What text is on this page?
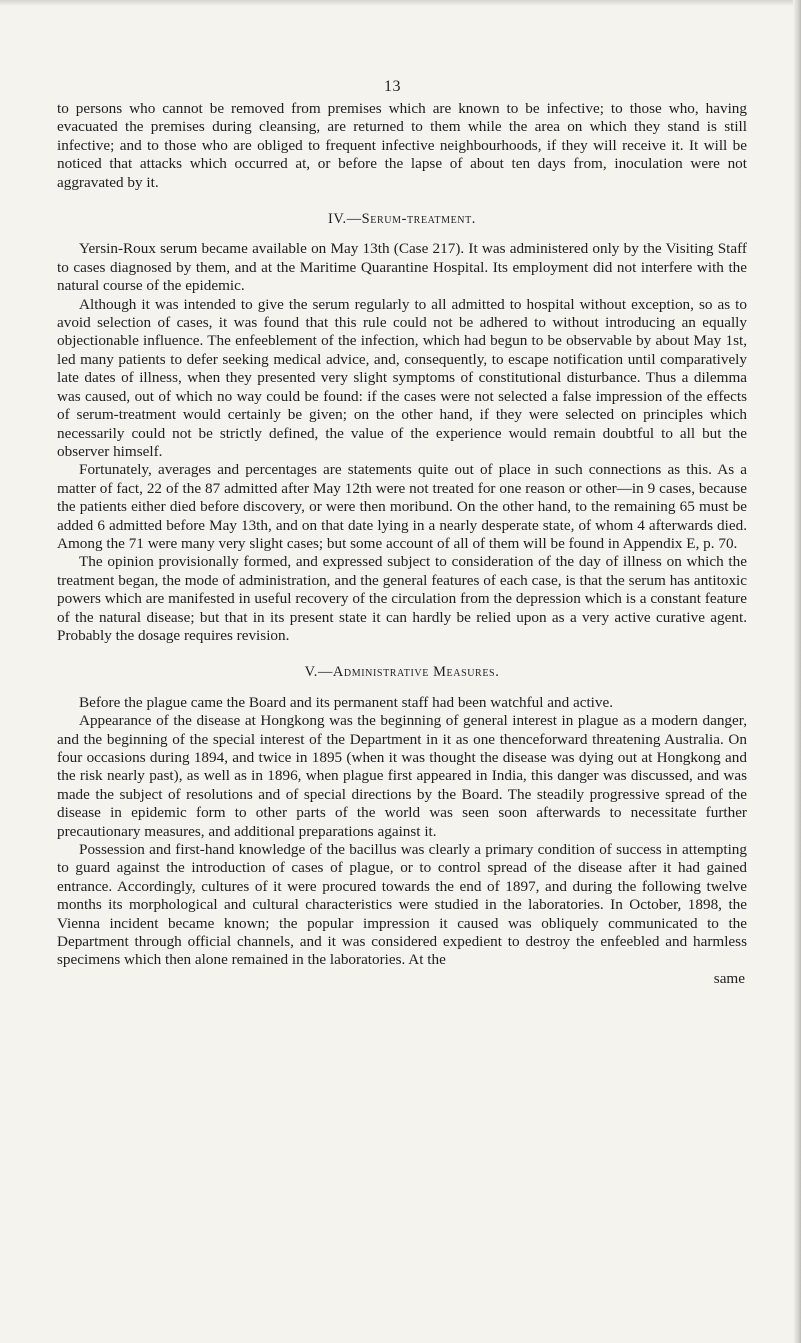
13

to persons who cannot be removed from premises which are known to be infective; to those who, having evacuated the premises during cleansing, are returned to them while the area on which they stand is still infective; and to those who are obliged to frequent infective neighbourhoods, if they will receive it. It will be noticed that attacks which occurred at, or before the lapse of about ten days from, inoculation were not aggravated by it.

IV.—Serum-treatment.

Yersin-Roux serum became available on May 13th (Case 217). It was administered only by the Visiting Staff to cases diagnosed by them, and at the Maritime Quarantine Hospital. Its employment did not interfere with the natural course of the epidemic.

Although it was intended to give the serum regularly to all admitted to hospital without exception, so as to avoid selection of cases, it was found that this rule could not be adhered to without introducing an equally objectionable influence. The enfeeblement of the infection, which had begun to be observable by about May 1st, led many patients to defer seeking medical advice, and, consequently, to escape notification until comparatively late dates of illness, when they presented very slight symptoms of constitutional disturbance. Thus a dilemma was caused, out of which no way could be found: if the cases were not selected a false impression of the effects of serum-treatment would certainly be given; on the other hand, if they were selected on principles which necessarily could not be strictly defined, the value of the experience would remain doubtful to all but the observer himself.

Fortunately, averages and percentages are statements quite out of place in such connections as this. As a matter of fact, 22 of the 87 admitted after May 12th were not treated for one reason or other—in 9 cases, because the patients either died before discovery, or were then moribund. On the other hand, to the remaining 65 must be added 6 admitted before May 13th, and on that date lying in a nearly desperate state, of whom 4 afterwards died. Among the 71 were many very slight cases; but some account of all of them will be found in Appendix E, p. 70.

The opinion provisionally formed, and expressed subject to consideration of the day of illness on which the treatment began, the mode of administration, and the general features of each case, is that the serum has antitoxic powers which are manifested in useful recovery of the circulation from the depression which is a constant feature of the natural disease; but that in its present state it can hardly be relied upon as a very active curative agent. Probably the dosage requires revision.

V.—Administrative Measures.

Before the plague came the Board and its permanent staff had been watchful and active.

Appearance of the disease at Hongkong was the beginning of general interest in plague as a modern danger, and the beginning of the special interest of the Department in it as one thenceforward threatening Australia. On four occasions during 1894, and twice in 1895 (when it was thought the disease was dying out at Hongkong and the risk nearly past), as well as in 1896, when plague first appeared in India, this danger was discussed, and was made the subject of resolutions and of special directions by the Board. The steadily progressive spread of the disease in epidemic form to other parts of the world was seen soon afterwards to necessitate further precautionary measures, and additional preparations against it.

Possession and first-hand knowledge of the bacillus was clearly a primary condition of success in attempting to guard against the introduction of cases of plague, or to control spread of the disease after it had gained entrance. Accordingly, cultures of it were procured towards the end of 1897, and during the following twelve months its morphological and cultural characteristics were studied in the laboratories. In October, 1898, the Vienna incident became known; the popular impression it caused was obliquely communicated to the Department through official channels, and it was considered expedient to destroy the enfeebled and harmless specimens which then alone remained in the laboratories. At the

same
